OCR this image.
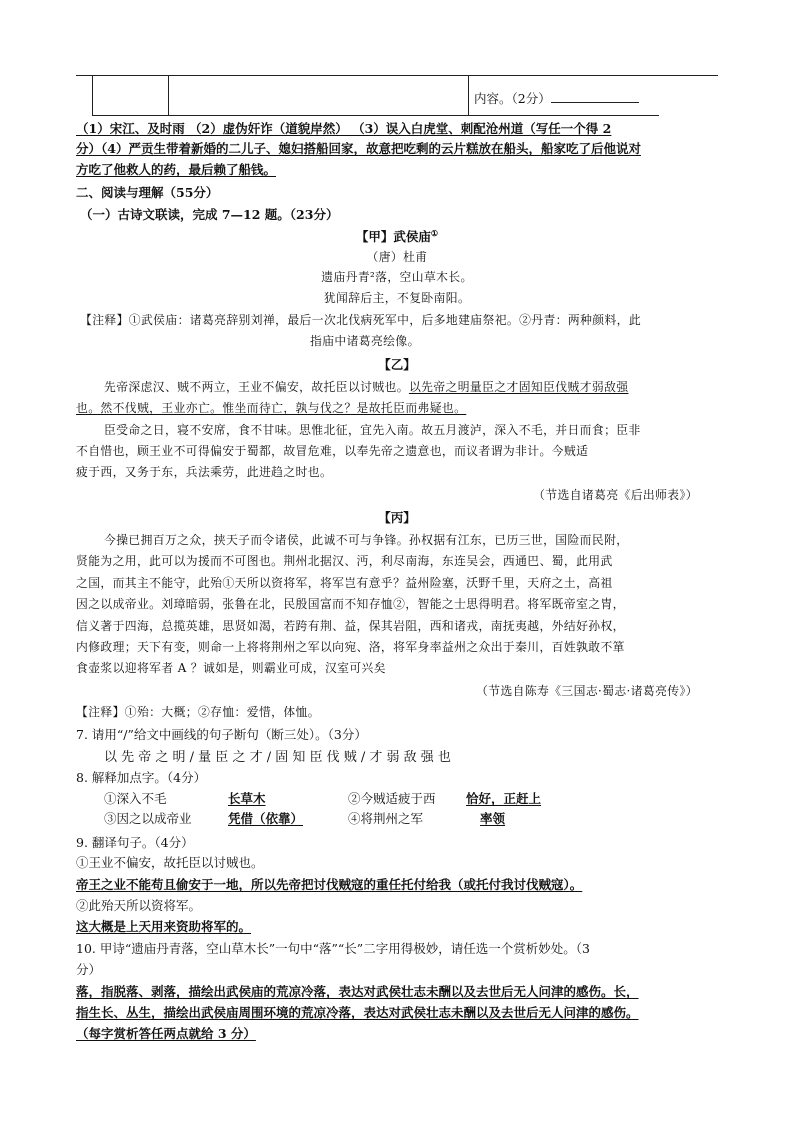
内容。（2分）
（1）宋江、及时雨 （2）虚伪奸诈（道貌岸然） （3）误入白虎堂、刺配沧州道（写任一个得 2
分）（4）严贡生带着新婚的二儿子、媳妇搭船回家，故意把吃剩的云片糕放在船头，船家吃了后他说对
方吃了他救人的药，最后赖了船钱。
二、阅读与理解（55分）
（一）古诗文联读，完成 7—12 题。（23分）
【甲】武侯庙①
（唐）杜甫
遗庙丹青²落，空山草木长。
犹闻辞后主，不复卧南阳。
【注释】①武侯庙：诸葛亮辞别刘禅，最后一次北伐病死军中，后多地建庙祭祀。②丹青：两种颜料，此
指庙中诸葛亮绘像。
【乙】
先帝深虑汉、贼不两立，王业不偏安，故托臣以讨贼也。以先帝之明量臣之才固知臣伐贼才弱敌强
也。然不伐贼，王业亦亡。惟坐而待亡，孰与伐之？是故托臣而弗疑也。
臣受命之日，寝不安席，食不甘味。思惟北征，宜先入南。故五月渡泸，深入不毛，并日而食；臣非
不自惜也，顾王业不可得偏安于蜀都，故冒危难，以奉先帝之遗意也，而议者谓为非计。今贼适
疲于西，又务于东，兵法乘劳，此进趋之时也。
（节选自诸葛亮《后出师表》）
【丙】
今操已拥百万之众，挟天子而令诸侯，此诚不可与争锋。孙权据有江东，已历三世，国险而民附，
贤能为之用，此可以为援而不可图也。荆州北据汉、沔，利尽南海，东连吴会，西通巴、蜀，此用武
之国，而其主不能守，此殆①天所以资将军，将军岂有意乎？益州险塞，沃野千里，天府之土，高祖
因之以成帝业。刘璋暗弱，张鲁在北，民殷国富而不知存恤②，智能之士思得明君。将军既帝室之胄，
信义著于四海，总揽英雄，思贤如渴，若跨有荆、益，保其岩阻，西和诸戎，南抚夷越，外结好孙权，
内修政理；天下有变，则命一上将将荆州之军以向宛、洛，将军身率益州之众出于秦川，百姓孰敢不箪
食壶浆以迎将军者 A ？诚如是，则霸业可成，汉室可兴矣
（节选自陈寿《三国志·蜀志·诸葛亮传》）
【注释】①殆：大概；②存恤：爱惜，体恤。
7. 请用“/”给文中画线的句子断句（断三处）。（3分）
以 先 帝 之 明 / 量 臣 之 才 / 固 知 臣 伐 贼 / 才 弱 敌 强 也
8. 解释加点字。（4分）
①深入不毛	长草木	②今贼适疲于西 恰好，正赶上
③因之以成帝业	凭借（依靠）	④将荆州之军	率领
9. 翻译句子。（4分）
①王业不偏安，故托臣以讨贼也。
帝王之业不能苟且偷安于一地，所以先帝把讨伐贼寇的重任托付给我（或托付我讨伐贼寇）。
②此殆天所以资将军。
这大概是上天用来资助将军的。
10. 甲诗“遗庙丹青落，空山草木长”一句中“落”“长”二字用得极妙，请任选一个赏析妙处。（3
分）
落，指脱落、剥落，描绘出武侯庙的荒凉冷落，表达对武侯壮志未酬以及去世后无人问津的感伤。长，
指生长、丛生，描绘出武侯庙周围环境的荒凉冷落，表达对武侯壮志未酬以及去世后无人问津的感伤。
（每字赏析答任两点就给 3 分）
